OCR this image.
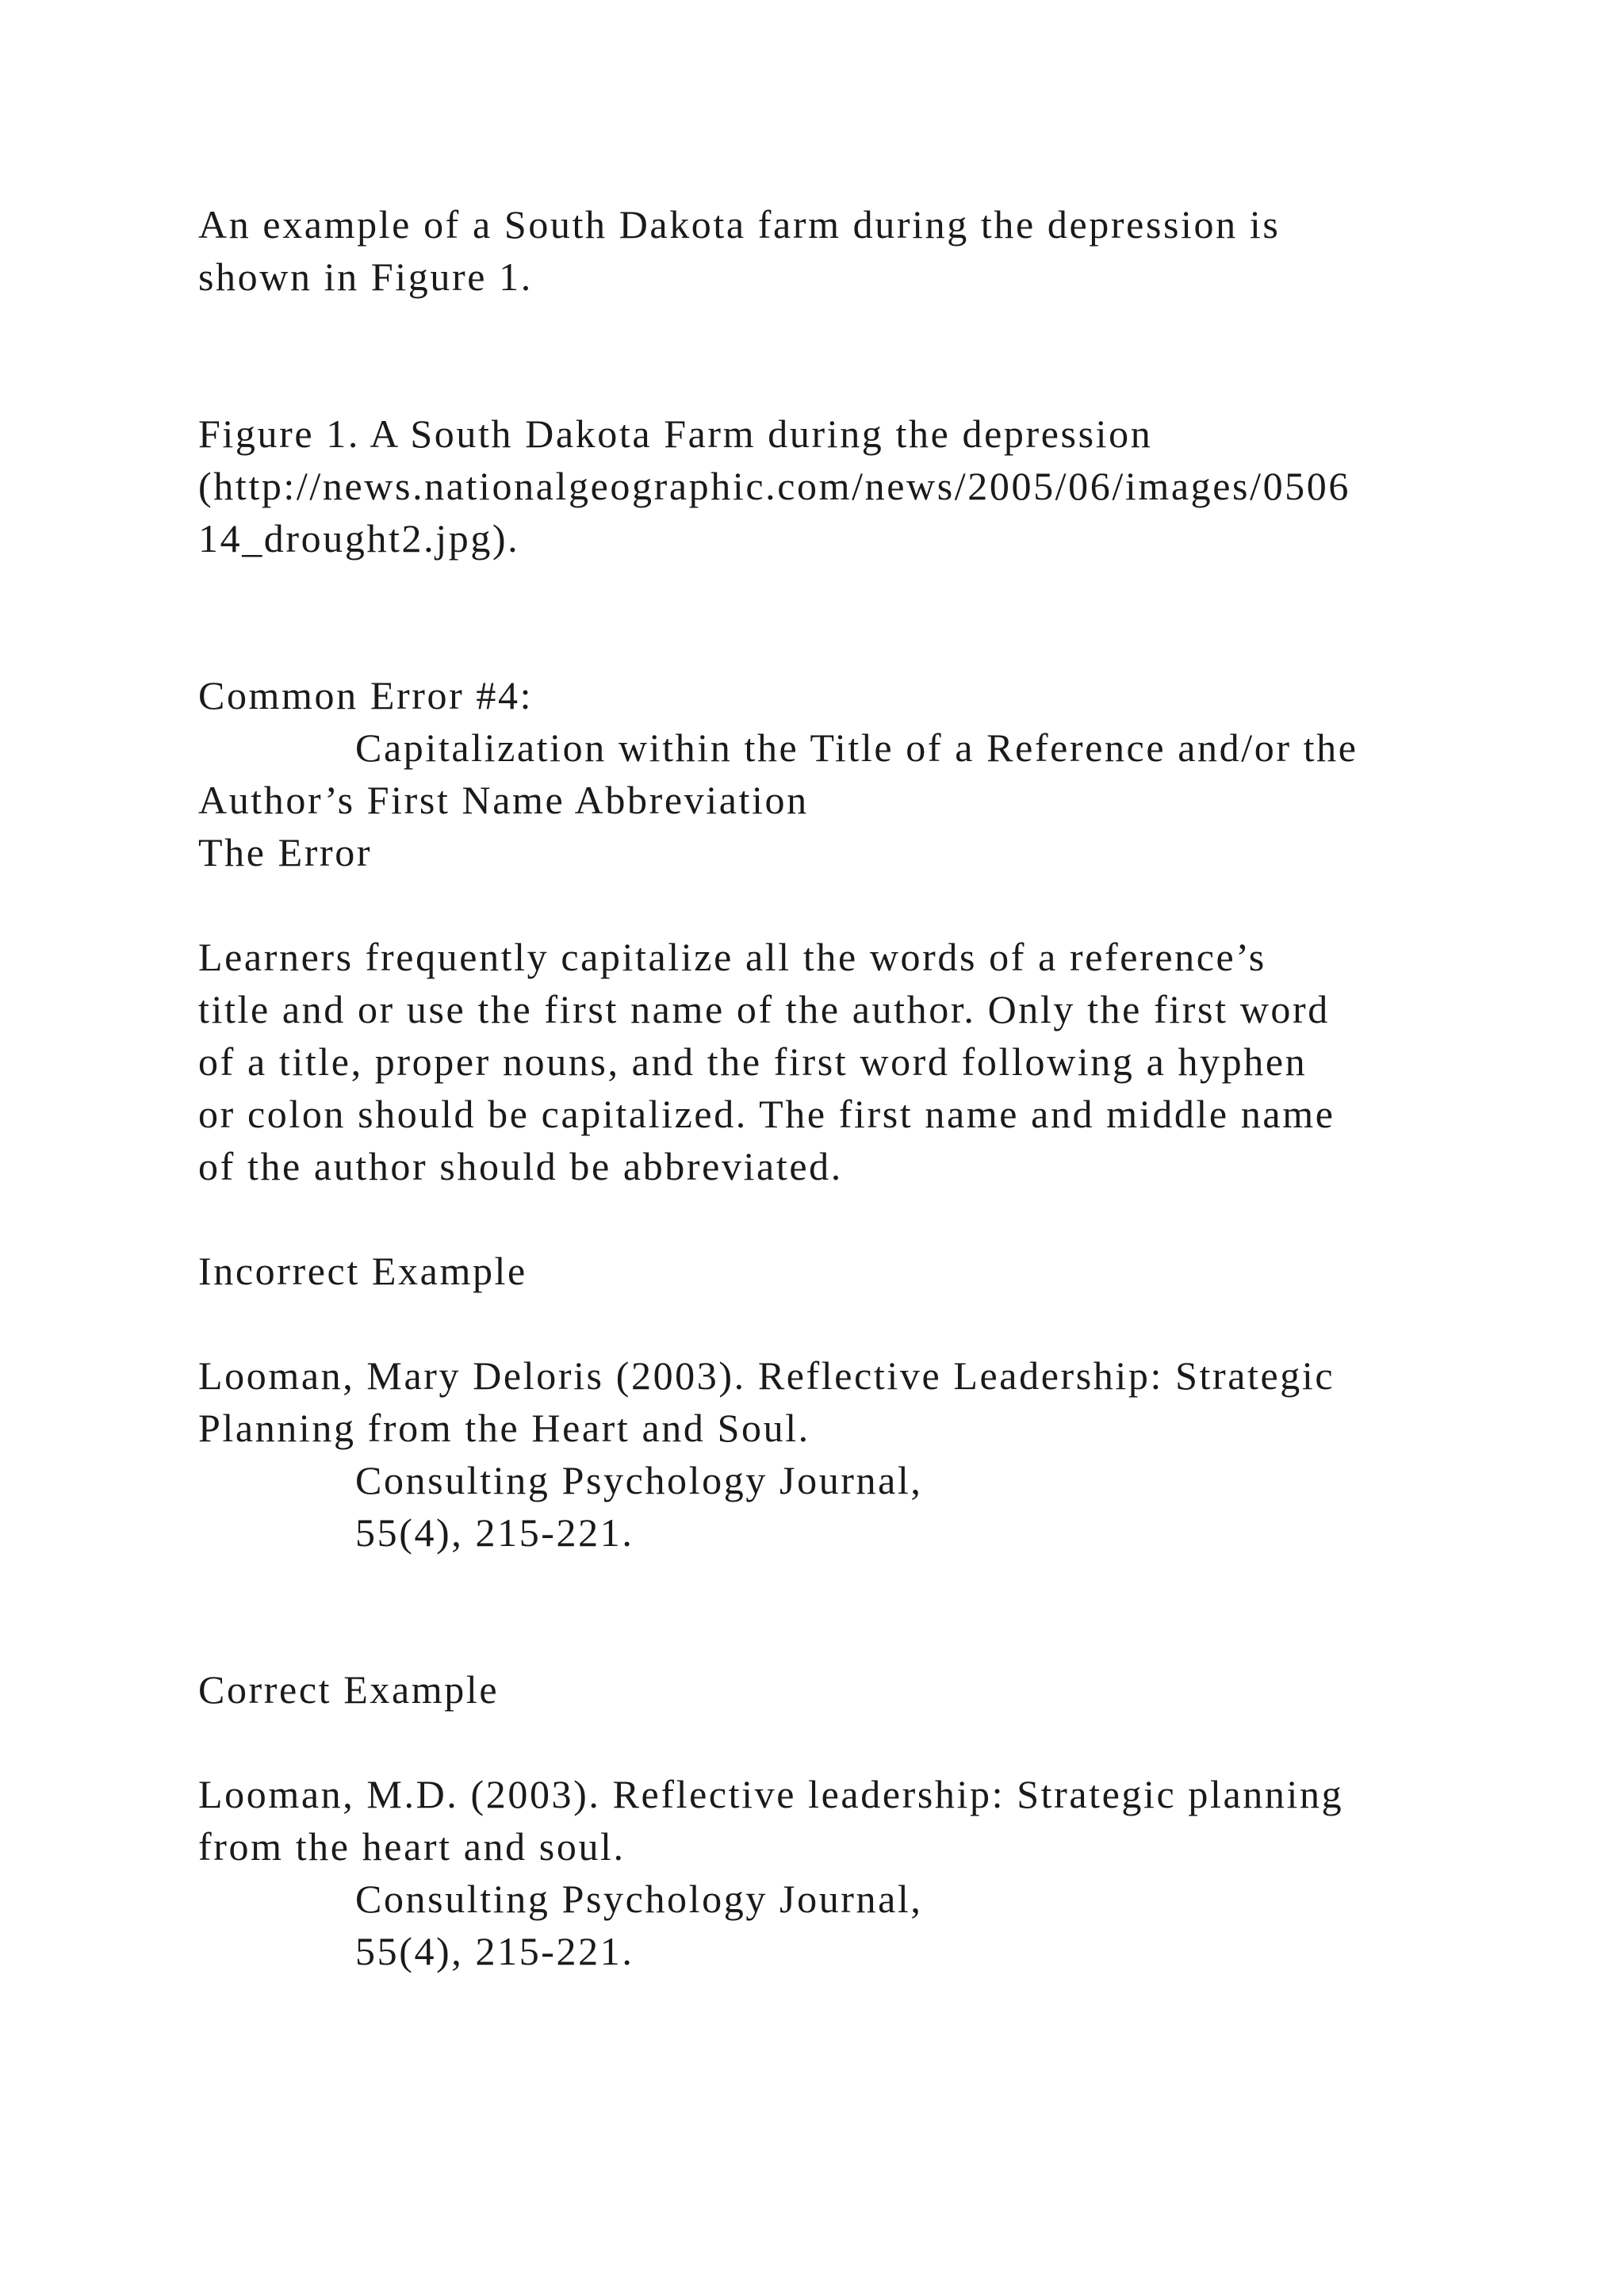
An example of a South Dakota farm during the depression is

shown in Figure 1.

Figure 1. A South Dakota Farm during the depression

(http://news.nationalgeographic.com/news/2005/06/images/0506

14_drought2.jpg).

Common Error #4:

Capitalization within the Title of a Reference and/or the

Author’s First Name Abbreviation

The Error

Learners frequently capitalize all the words of a reference’s

title and or use the first name of the author. Only the first word

of a title, proper nouns, and the first word following a hyphen

or colon should be capitalized. The first name and middle name

of the author should be abbreviated.

Incorrect Example

Looman, Mary Deloris (2003). Reflective Leadership: Strategic

Planning from the Heart and Soul.

Consulting Psychology Journal,

55(4), 215-221.

Correct Example

Looman, M.D. (2003). Reflective leadership: Strategic planning

from the heart and soul.

Consulting Psychology Journal,

55(4), 215-221.
